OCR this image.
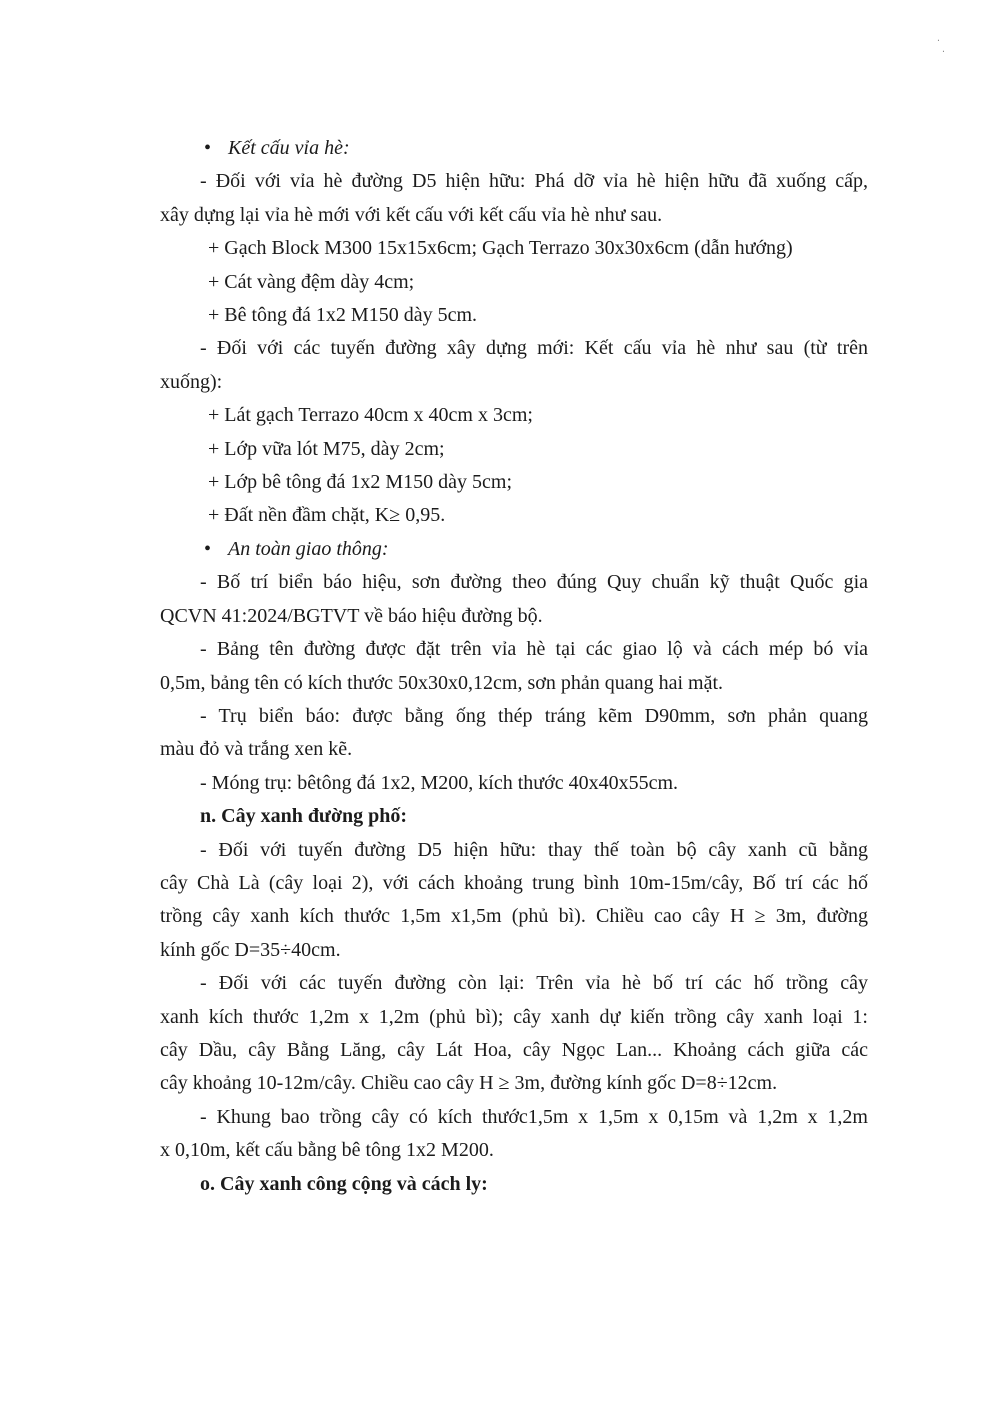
‧
‧
• Kết cấu vỉa hè:
- Đối với vỉa hè đường D5 hiện hữu: Phá dỡ vỉa hè hiện hữu đã xuống cấp,
xây dựng lại vỉa hè mới với kết cấu với kết cấu vỉa hè như sau.
+ Gạch Block M300 15x15x6cm; Gạch Terrazo 30x30x6cm (dẫn hướng)
+ Cát vàng đệm dày 4cm;
+ Bê tông đá 1x2 M150 dày 5cm.
- Đối với các tuyến đường xây dựng mới: Kết cấu vỉa hè như sau (từ trên
xuống):
+ Lát gạch Terrazo 40cm x 40cm x 3cm;
+ Lớp vữa lót M75, dày 2cm;
+ Lớp bê tông đá 1x2 M150 dày 5cm;
+ Đất nền đầm chặt, K≥ 0,95.
• An toàn giao thông:
- Bố trí biển báo hiệu, sơn đường theo đúng Quy chuẩn kỹ thuật Quốc gia
QCVN 41:2024/BGTVT về báo hiệu đường bộ.
- Bảng tên đường được đặt trên vỉa hè tại các giao lộ và cách mép bó vỉa
0,5m, bảng tên có kích thước 50x30x0,12cm, sơn phản quang hai mặt.
- Trụ biển báo: được bằng ống thép tráng kẽm D90mm, sơn phản quang
màu đỏ và trắng xen kẽ.
- Móng trụ: bêtông đá 1x2, M200, kích thước 40x40x55cm.
n. Cây xanh đường phố:
- Đối với tuyến đường D5 hiện hữu: thay thế toàn bộ cây xanh cũ bằng
cây Chà Là (cây loại 2), với cách khoảng trung bình 10m-15m/cây, Bố trí các hố
trồng cây xanh kích thước 1,5m x1,5m (phủ bì). Chiều cao cây H ≥ 3m, đường
kính gốc D=35÷40cm.
- Đối với các tuyến đường còn lại: Trên vỉa hè bố trí các hố trồng cây
xanh kích thước 1,2m x 1,2m (phủ bì); cây xanh dự kiến trồng cây xanh loại 1:
cây Dầu, cây Bằng Lăng, cây Lát Hoa, cây Ngọc Lan... Khoảng cách giữa các
cây khoảng 10-12m/cây. Chiều cao cây H ≥ 3m, đường kính gốc D=8÷12cm.
- Khung bao trồng cây có kích thước1,5m x 1,5m x 0,15m và 1,2m x 1,2m
x 0,10m, kết cấu bằng bê tông 1x2 M200.
o. Cây xanh công cộng và cách ly:
